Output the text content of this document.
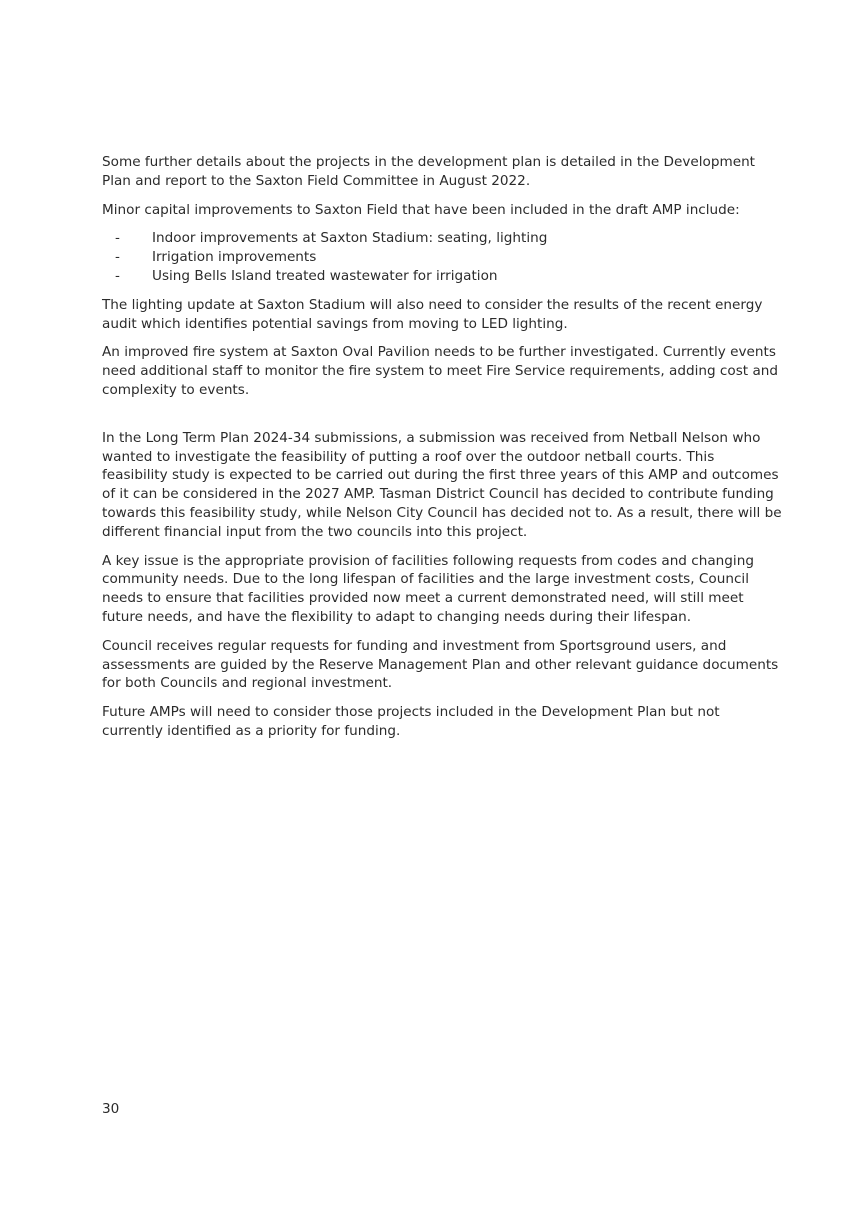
Some further details about the projects in the development plan is detailed in the Development Plan and report to the Saxton Field Committee in August 2022.

Minor capital improvements to Saxton Field that have been included in the draft AMP include:

- Indoor improvements at Saxton Stadium: seating, lighting
- Irrigation improvements
- Using Bells Island treated wastewater for irrigation

The lighting update at Saxton Stadium will also need to consider the results of the recent energy audit which identifies potential savings from moving to LED lighting.

An improved fire system at Saxton Oval Pavilion needs to be further investigated. Currently events need additional staff to monitor the fire system to meet Fire Service requirements, adding cost and complexity to events.

In the Long Term Plan 2024-34 submissions, a submission was received from Netball Nelson who wanted to investigate the feasibility of putting a roof over the outdoor netball courts. This feasibility study is expected to be carried out during the first three years of this AMP and outcomes of it can be considered in the 2027 AMP. Tasman District Council has decided to contribute funding towards this feasibility study, while Nelson City Council has decided not to. As a result, there will be different financial input from the two councils into this project.

A key issue is the appropriate provision of facilities following requests from codes and changing community needs. Due to the long lifespan of facilities and the large investment costs, Council needs to ensure that facilities provided now meet a current demonstrated need, will still meet future needs, and have the flexibility to adapt to changing needs during their lifespan.

Council receives regular requests for funding and investment from Sportsground users, and assessments are guided by the Reserve Management Plan and other relevant guidance documents for both Councils and regional investment.

Future AMPs will need to consider those projects included in the Development Plan but not currently identified as a priority for funding.

30
